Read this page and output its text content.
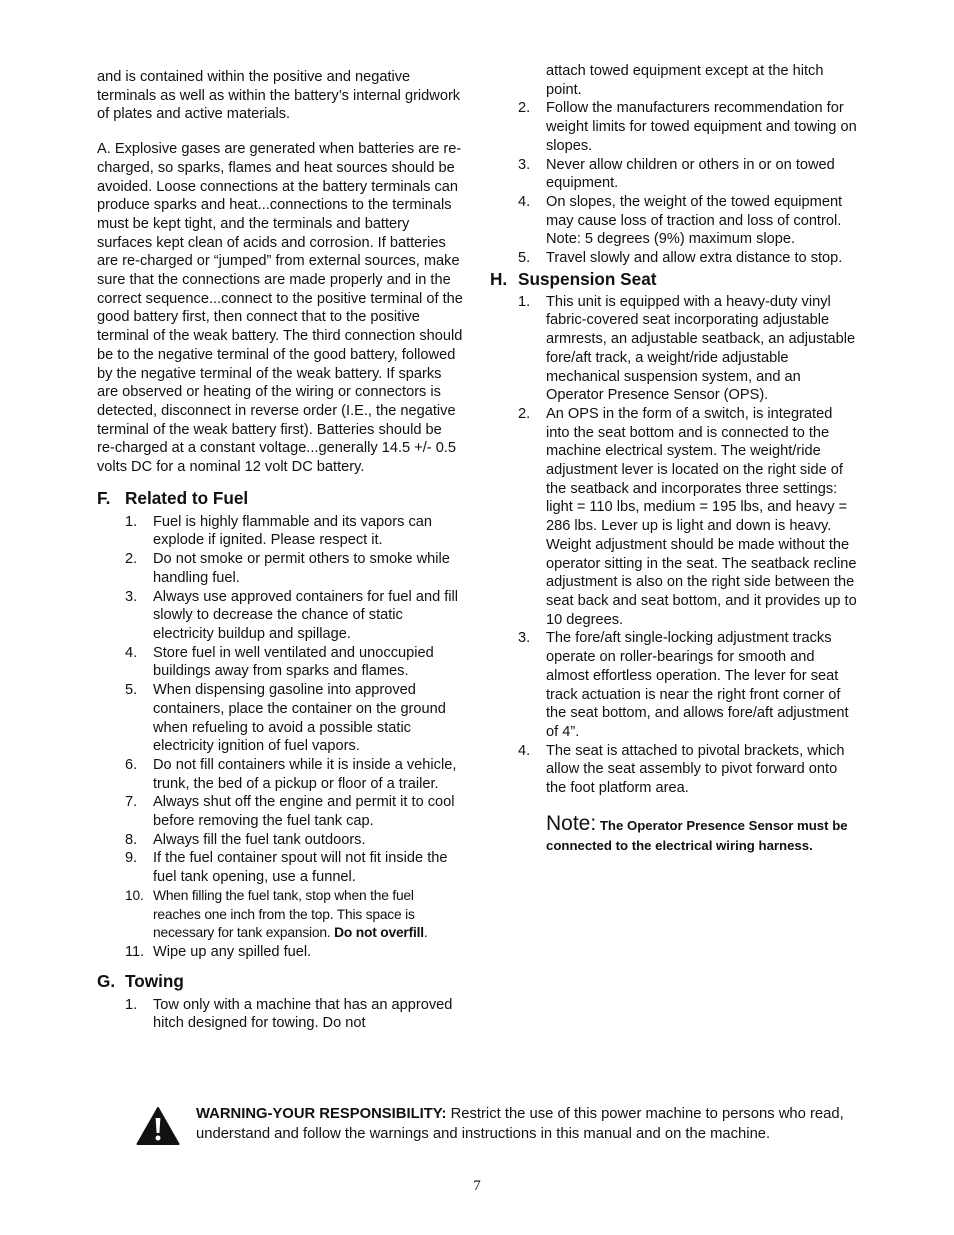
and is contained within the positive and negative terminals as well as within the battery’s internal gridwork of plates and active materials.

A. Explosive gases are generated when batteries are re-charged, so sparks, flames and heat sources should be avoided. Loose connections at the battery terminals can produce sparks and heat...connections to the terminals must be kept tight, and the terminals and battery surfaces kept clean of acids and corrosion. If batteries are re-charged or “jumped” from external sources, make sure that the connections are made properly and in the correct sequence...connect to the positive terminal of the good battery first, then connect that to the positive terminal of the weak battery. The third connection should be to the negative terminal of the good battery, followed by the negative terminal of the weak battery. If sparks are observed or heating of the wiring or connectors is detected, disconnect in reverse order (I.E., the negative terminal of the weak battery first). Batteries should be re-charged at a constant voltage...generally 14.5 +/- 0.5 volts DC for a nominal 12 volt DC battery.

F. Related to Fuel
1.	Fuel is highly flammable and its vapors can explode if ignited. Please respect it.
2.	Do not smoke or permit others to smoke while handling fuel.
3.	Always use approved containers for fuel and fill slowly to decrease the chance of static electricity buildup and spillage.
4.	Store fuel in well ventilated and unoccupied buildings away from sparks and flames.
5.	When dispensing gasoline into approved containers, place the container on the ground when refueling to avoid a possible static electricity ignition of fuel vapors.
6.	Do not fill containers while it is inside a vehicle, trunk, the bed of a pickup or floor of a trailer.
7.	Always shut off the engine and permit it to cool before removing the fuel tank cap.
8.	Always fill the fuel tank outdoors.
9.	If the fuel container spout will not fit inside the fuel tank opening, use a funnel.
10. When filling the fuel tank, stop when the fuel reaches one inch from the top. This space is necessary for tank expansion. Do not overfill.
11. Wipe up any spilled fuel.
G. Towing
1.	Tow only with a machine that has an approved hitch designed for towing. Do not

attach towed equipment except at the hitch point.

2.	Follow the manufacturers recommendation for weight limits for towed equipment and towing on slopes.
3.	Never allow children or others in or on towed equipment.
4.	On slopes, the weight of the towed equipment may cause loss of traction and loss of control. Note: 5 degrees (9%) maximum slope.
5.	Travel slowly and allow extra distance to stop.
H. Suspension Seat
1.	This unit is equipped with a heavy-duty vinyl fabric-covered seat incorporating adjustable armrests, an adjustable seatback, an adjustable fore/aft track, a weight/ride adjustable mechanical suspension system, and an Operator Presence Sensor (OPS).
2.	An OPS in the form of a switch, is integrated into the seat bottom and is connected to the machine electrical system. The weight/ride adjustment lever is located on the right side of the seatback and incorporates three settings: light = 110 lbs, medium = 195 lbs, and heavy = 286 lbs. Lever up is light and down is heavy. Weight adjustment should be made without the operator sitting in the seat. The seatback recline adjustment is also on the right side between the seat back and seat bottom, and it provides up to 10 degrees.
3.	The fore/aft single-locking adjustment tracks operate on roller-bearings for smooth and almost effortless operation. The lever for seat track actuation is near the right front corner of the seat bottom, and allows fore/aft adjustment of 4”.
4.	The seat is attached to pivotal brackets, which allow the seat assembly to pivot forward onto the foot platform area.

Note: The Operator Presence Sensor must be connected to the electrical wiring harness.

WARNING-YOUR RESPONSIBILITY: Restrict the use of this power machine to persons who read, understand and follow the warnings and instructions in this manual and on the machine.
7
